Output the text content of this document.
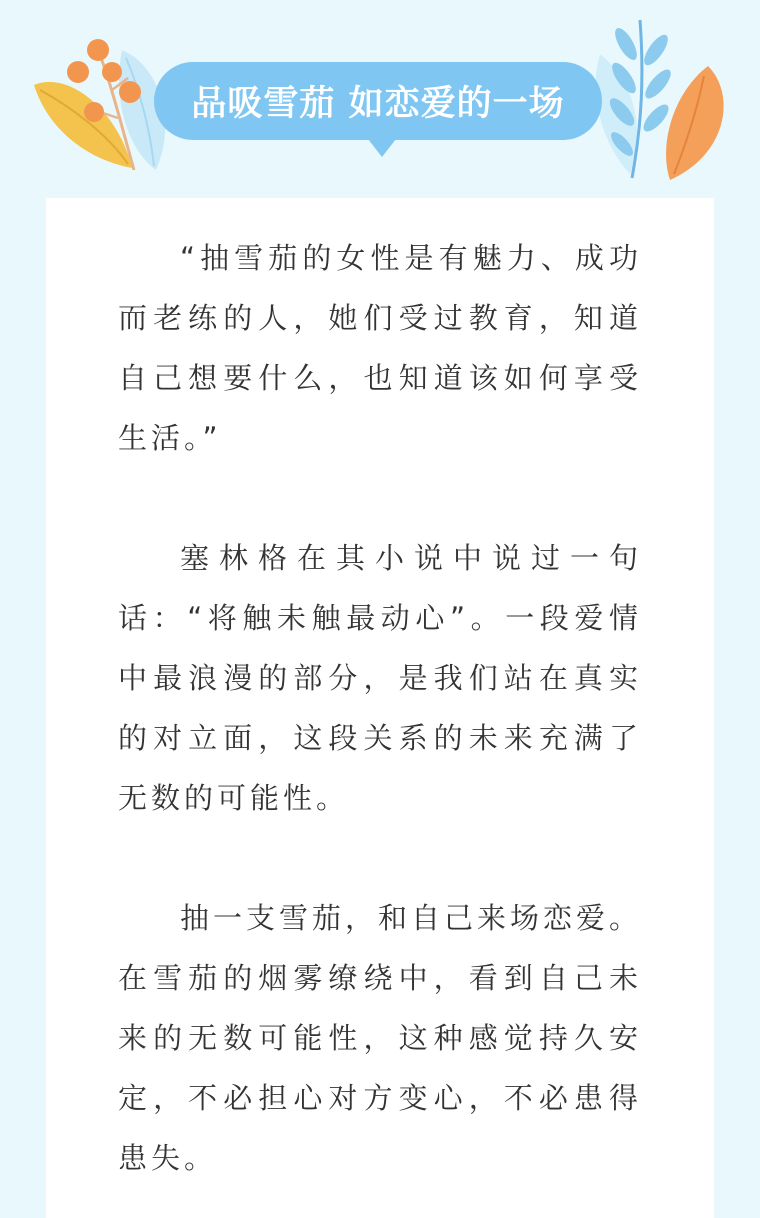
品吸雪茄 如恋爱的一场

“抽雪茄的女性是有魅力、成功而老练的人，她们受过教育，知道自己想要什么，也知道该如何享受生活。”

塞林格在其小说中说过一句话：“将触未触最动心”。一段爱情中最浪漫的部分，是我们站在真实的对立面，这段关系的未来充满了无数的可能性。

抽一支雪茄，和自己来场恋爱。在雪茄的烟雾缭绕中，看到自己未来的无数可能性，这种感觉持久安定，不必担心对方变心，不必患得患失。
